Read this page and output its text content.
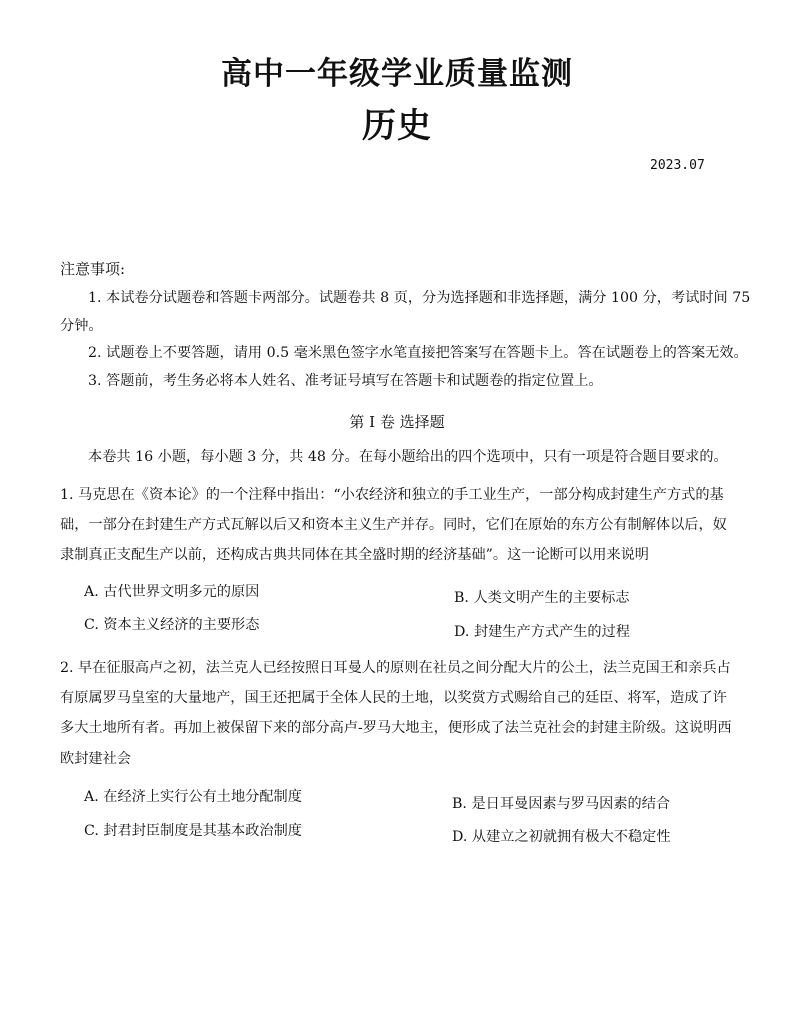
高中一年级学业质量监测
历史
2023.07
注意事项:
1. 本试卷分试题卷和答题卡两部分。试题卷共 8 页，分为选择题和非选择题，满分 100 分，考试时间 75
分钟。
2. 试题卷上不要答题，请用 0.5 毫米黑色签字水笔直接把答案写在答题卡上。答在试题卷上的答案无效。
3. 答题前，考生务必将本人姓名、准考证号填写在答题卡和试题卷的指定位置上。
第 I 卷 选择题
本卷共 16 小题，每小题 3 分，共 48 分。在每小题给出的四个选项中，只有一项是符合题目要求的。
1. 马克思在《资本论》的一个注释中指出：“小农经济和独立的手工业生产，一部分构成封建生产方式的基
础，一部分在封建生产方式瓦解以后又和资本主义生产并存。同时，它们在原始的东方公有制解体以后，奴
隶制真正支配生产以前，还构成古典共同体在其全盛时期的经济基础”。这一论断可以用来说明
A. 古代世界文明多元的原因	B. 人类文明产生的主要标志
C. 资本主义经济的主要形态	D. 封建生产方式产生的过程
2. 早在征服高卢之初，法兰克人已经按照日耳曼人的原则在社员之间分配大片的公土，法兰克国王和亲兵占
有原属罗马皇室的大量地产，国王还把属于全体人民的土地，以奖赏方式赐给自己的廷臣、将军，造成了许
多大土地所有者。再加上被保留下来的部分高卢-罗马大地主，便形成了法兰克社会的封建主阶级。这说明西
欧封建社会
A. 在经济上实行公有土地分配制度	B. 是日耳曼因素与罗马因素的结合
C. 封君封臣制度是其基本政治制度	D. 从建立之初就拥有极大不稳定性
